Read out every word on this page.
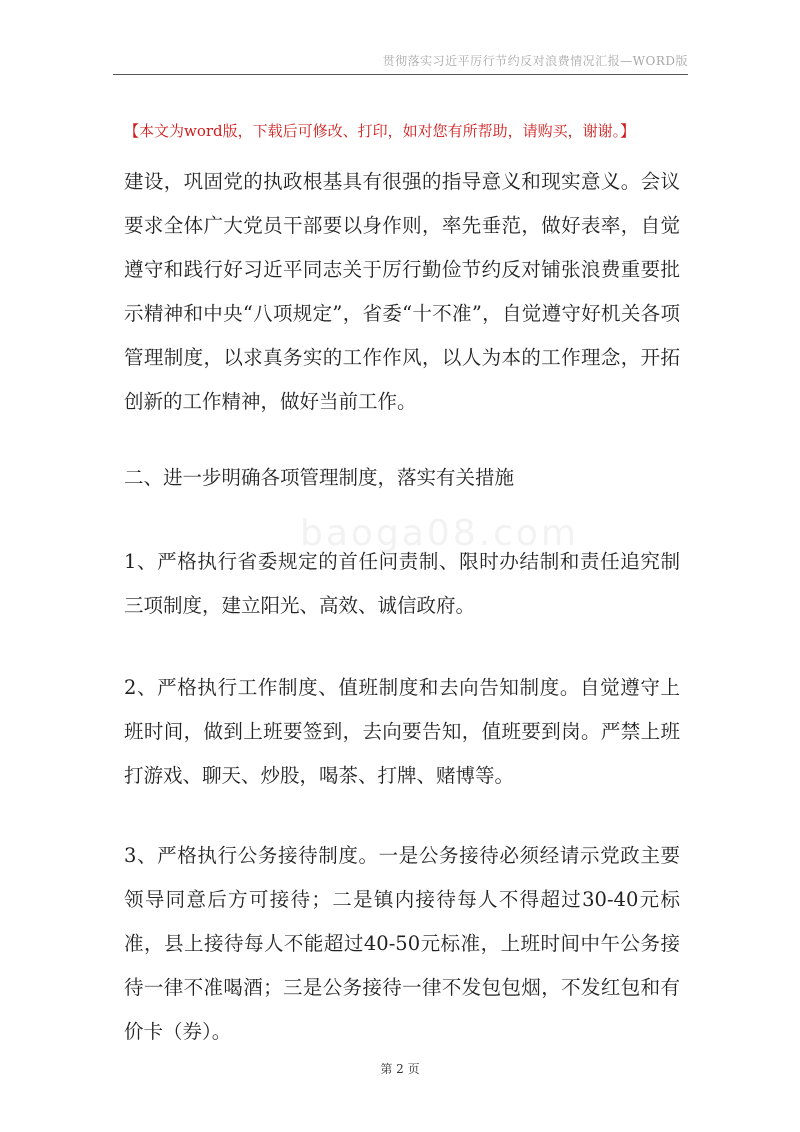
贯彻落实习近平厉行节约反对浪费情况汇报—WORD版
【本文为word版，下载后可修改、打印，如对您有所帮助，请购买，谢谢。】
baoga08.com
建设，巩固党的执政根基具有很强的指导意义和现实意义。会议要求全体广大党员干部要以身作则，率先垂范，做好表率，自觉遵守和践行好习近平同志关于厉行勤俭节约反对铺张浪费重要批示精神和中央“八项规定”，省委“十不准”，自觉遵守好机关各项管理制度，以求真务实的工作作风，以人为本的工作理念，开拓创新的工作精神，做好当前工作。
二、进一步明确各项管理制度，落实有关措施
1、严格执行省委规定的首任问责制、限时办结制和责任追究制三项制度，建立阳光、高效、诚信政府。
2、严格执行工作制度、值班制度和去向告知制度。自觉遵守上班时间，做到上班要签到，去向要告知，值班要到岗。严禁上班打游戏、聊天、炒股，喝茶、打牌、赌博等。
3、严格执行公务接待制度。一是公务接待必须经请示党政主要领导同意后方可接待；二是镇内接待每人不得超过30-40元标准，县上接待每人不能超过40-50元标准，上班时间中午公务接待一律不准喝酒；三是公务接待一律不发包包烟，不发红包和有价卡（券）。
第 2 页
